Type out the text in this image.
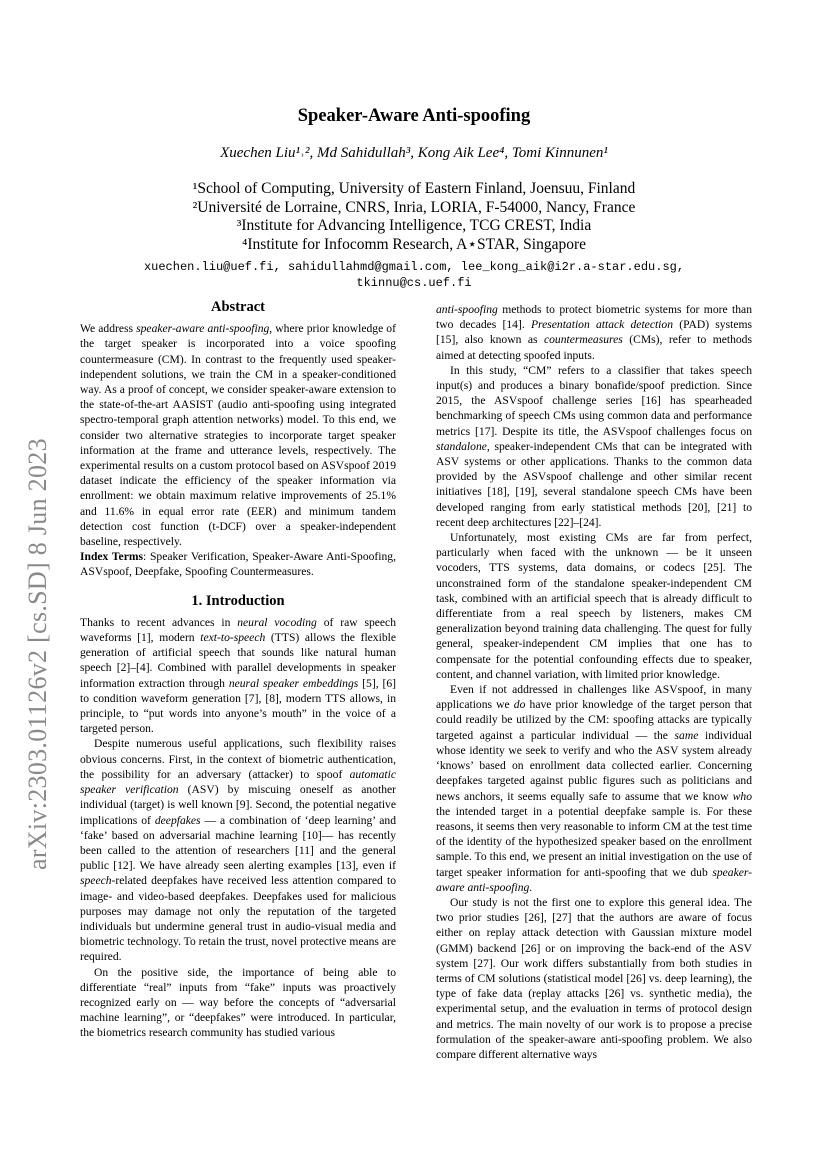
Speaker-Aware Anti-spoofing
Xuechen Liu¹˒², Md Sahidullah³, Kong Aik Lee⁴, Tomi Kinnunen¹
¹School of Computing, University of Eastern Finland, Joensuu, Finland
²Université de Lorraine, CNRS, Inria, LORIA, F-54000, Nancy, France
³Institute for Advancing Intelligence, TCG CREST, India
⁴Institute for Infocomm Research, A⋆STAR, Singapore
xuechen.liu@uef.fi, sahidullahmd@gmail.com, lee_kong_aik@i2r.a-star.edu.sg,
tkinnu@cs.uef.fi
arXiv:2303.01126v2 [cs.SD] 8 Jun 2023
Abstract

We address speaker-aware anti-spoofing, where prior knowledge of the target speaker is incorporated into a voice spoofing countermeasure (CM). In contrast to the frequently used speaker-independent solutions, we train the CM in a speaker-conditioned way. As a proof of concept, we consider speaker-aware extension to the state-of-the-art AASIST (audio anti-spoofing using integrated spectro-temporal graph attention networks) model. To this end, we consider two alternative strategies to incorporate target speaker information at the frame and utterance levels, respectively. The experimental results on a custom protocol based on ASVspoof 2019 dataset indicate the efficiency of the speaker information via enrollment: we obtain maximum relative improvements of 25.1% and 11.6% in equal error rate (EER) and minimum tandem detection cost function (t-DCF) over a speaker-independent baseline, respectively.

Index Terms: Speaker Verification, Speaker-Aware Anti-Spoofing, ASVspoof, Deepfake, Spoofing Countermeasures.

1. Introduction

Thanks to recent advances in neural vocoding of raw speech waveforms [1], modern text-to-speech (TTS) allows the flexible generation of artificial speech that sounds like natural human speech [2]–[4]. Combined with parallel developments in speaker information extraction through neural speaker embeddings [5], [6] to condition waveform generation [7], [8], modern TTS allows, in principle, to “put words into anyone’s mouth” in the voice of a targeted person.

Despite numerous useful applications, such flexibility raises obvious concerns. First, in the context of biometric authentication, the possibility for an adversary (attacker) to spoof automatic speaker verification (ASV) by miscuing oneself as another individual (target) is well known [9]. Second, the potential negative implications of deepfakes — a combination of ‘deep learning’ and ‘fake’ based on adversarial machine learning [10]— has recently been called to the attention of researchers [11] and the general public [12]. We have already seen alerting examples [13], even if speech-related deepfakes have received less attention compared to image- and video-based deepfakes. Deepfakes used for malicious purposes may damage not only the reputation of the targeted individuals but undermine general trust in audio-visual media and biometric technology. To retain the trust, novel protective means are required.

On the positive side, the importance of being able to differentiate “real” inputs from “fake” inputs was proactively recognized early on — way before the concepts of “adversarial machine learning”, or “deepfakes” were introduced. In particular, the biometrics research community has studied various

anti-spoofing methods to protect biometric systems for more than two decades [14]. Presentation attack detection (PAD) systems [15], also known as countermeasures (CMs), refer to methods aimed at detecting spoofed inputs.

In this study, “CM” refers to a classifier that takes speech input(s) and produces a binary bonafide/spoof prediction. Since 2015, the ASVspoof challenge series [16] has spearheaded benchmarking of speech CMs using common data and performance metrics [17]. Despite its title, the ASVspoof challenges focus on standalone, speaker-independent CMs that can be integrated with ASV systems or other applications. Thanks to the common data provided by the ASVspoof challenge and other similar recent initiatives [18], [19], several standalone speech CMs have been developed ranging from early statistical methods [20], [21] to recent deep architectures [22]–[24].

Unfortunately, most existing CMs are far from perfect, particularly when faced with the unknown — be it unseen vocoders, TTS systems, data domains, or codecs [25]. The unconstrained form of the standalone speaker-independent CM task, combined with an artificial speech that is already difficult to differentiate from a real speech by listeners, makes CM generalization beyond training data challenging. The quest for fully general, speaker-independent CM implies that one has to compensate for the potential confounding effects due to speaker, content, and channel variation, with limited prior knowledge.

Even if not addressed in challenges like ASVspoof, in many applications we do have prior knowledge of the target person that could readily be utilized by the CM: spoofing attacks are typically targeted against a particular individual — the same individual whose identity we seek to verify and who the ASV system already ‘knows’ based on enrollment data collected earlier. Concerning deepfakes targeted against public figures such as politicians and news anchors, it seems equally safe to assume that we know who the intended target in a potential deepfake sample is. For these reasons, it seems then very reasonable to inform CM at the test time of the identity of the hypothesized speaker based on the enrollment sample. To this end, we present an initial investigation on the use of target speaker information for anti-spoofing that we dub speaker-aware anti-spoofing.

Our study is not the first one to explore this general idea. The two prior studies [26], [27] that the authors are aware of focus either on replay attack detection with Gaussian mixture model (GMM) backend [26] or on improving the back-end of the ASV system [27]. Our work differs substantially from both studies in terms of CM solutions (statistical model [26] vs. deep learning), the type of fake data (replay attacks [26] vs. synthetic media), the experimental setup, and the evaluation in terms of protocol design and metrics. The main novelty of our work is to propose a precise formulation of the speaker-aware anti-spoofing problem. We also compare different alternative ways
